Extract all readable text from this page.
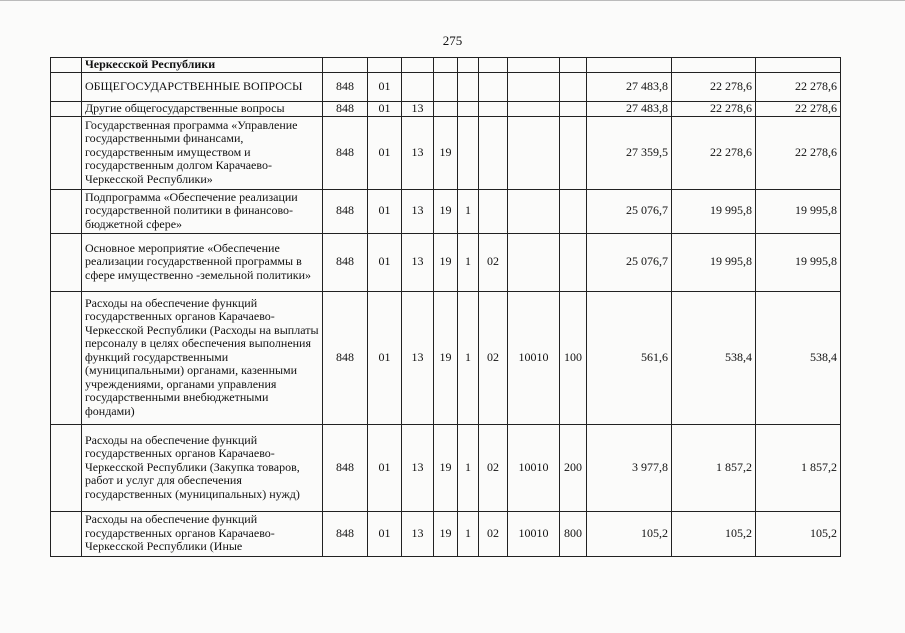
275
	Черкесской Республики											
	ОБЩЕГОСУДАРСТВЕННЫЕ ВОПРОСЫ	848	01							27 483,8	22 278,6	22 278,6
	Другие общегосударственные вопросы	848	01	13						27 483,8	22 278,6	22 278,6
	Государственная программа «Управление государственными финансами, государственным имуществом и государственным долгом Карачаево-Черкесской Республики»	848	01	13	19					27 359,5	22 278,6	22 278,6
	Подпрограмма «Обеспечение реализации государственной политики в финансово-бюджетной сфере»	848	01	13	19	1				25 076,7	19 995,8	19 995,8
	Основное мероприятие «Обеспечение реализации государственной программы в сфере имущественно -земельной политики»	848	01	13	19	1	02			25 076,7	19 995,8	19 995,8
	Расходы на обеспечение функций государственных органов Карачаево-Черкесской Республики (Расходы на выплаты персоналу в целях обеспечения выполнения функций государственными (муниципальными) органами, казенными учреждениями, органами управления государственными внебюджетными фондами)	848	01	13	19	1	02	10010	100	561,6	538,4	538,4
	Расходы на обеспечение функций государственных органов Карачаево-Черкесской Республики (Закупка товаров, работ и услуг для обеспечения государственных (муниципальных) нужд)	848	01	13	19	1	02	10010	200	3 977,8	1 857,2	1 857,2
	Расходы на обеспечение функций государственных органов Карачаево-Черкесской Республики (Иные	848	01	13	19	1	02	10010	800	105,2	105,2	105,2
